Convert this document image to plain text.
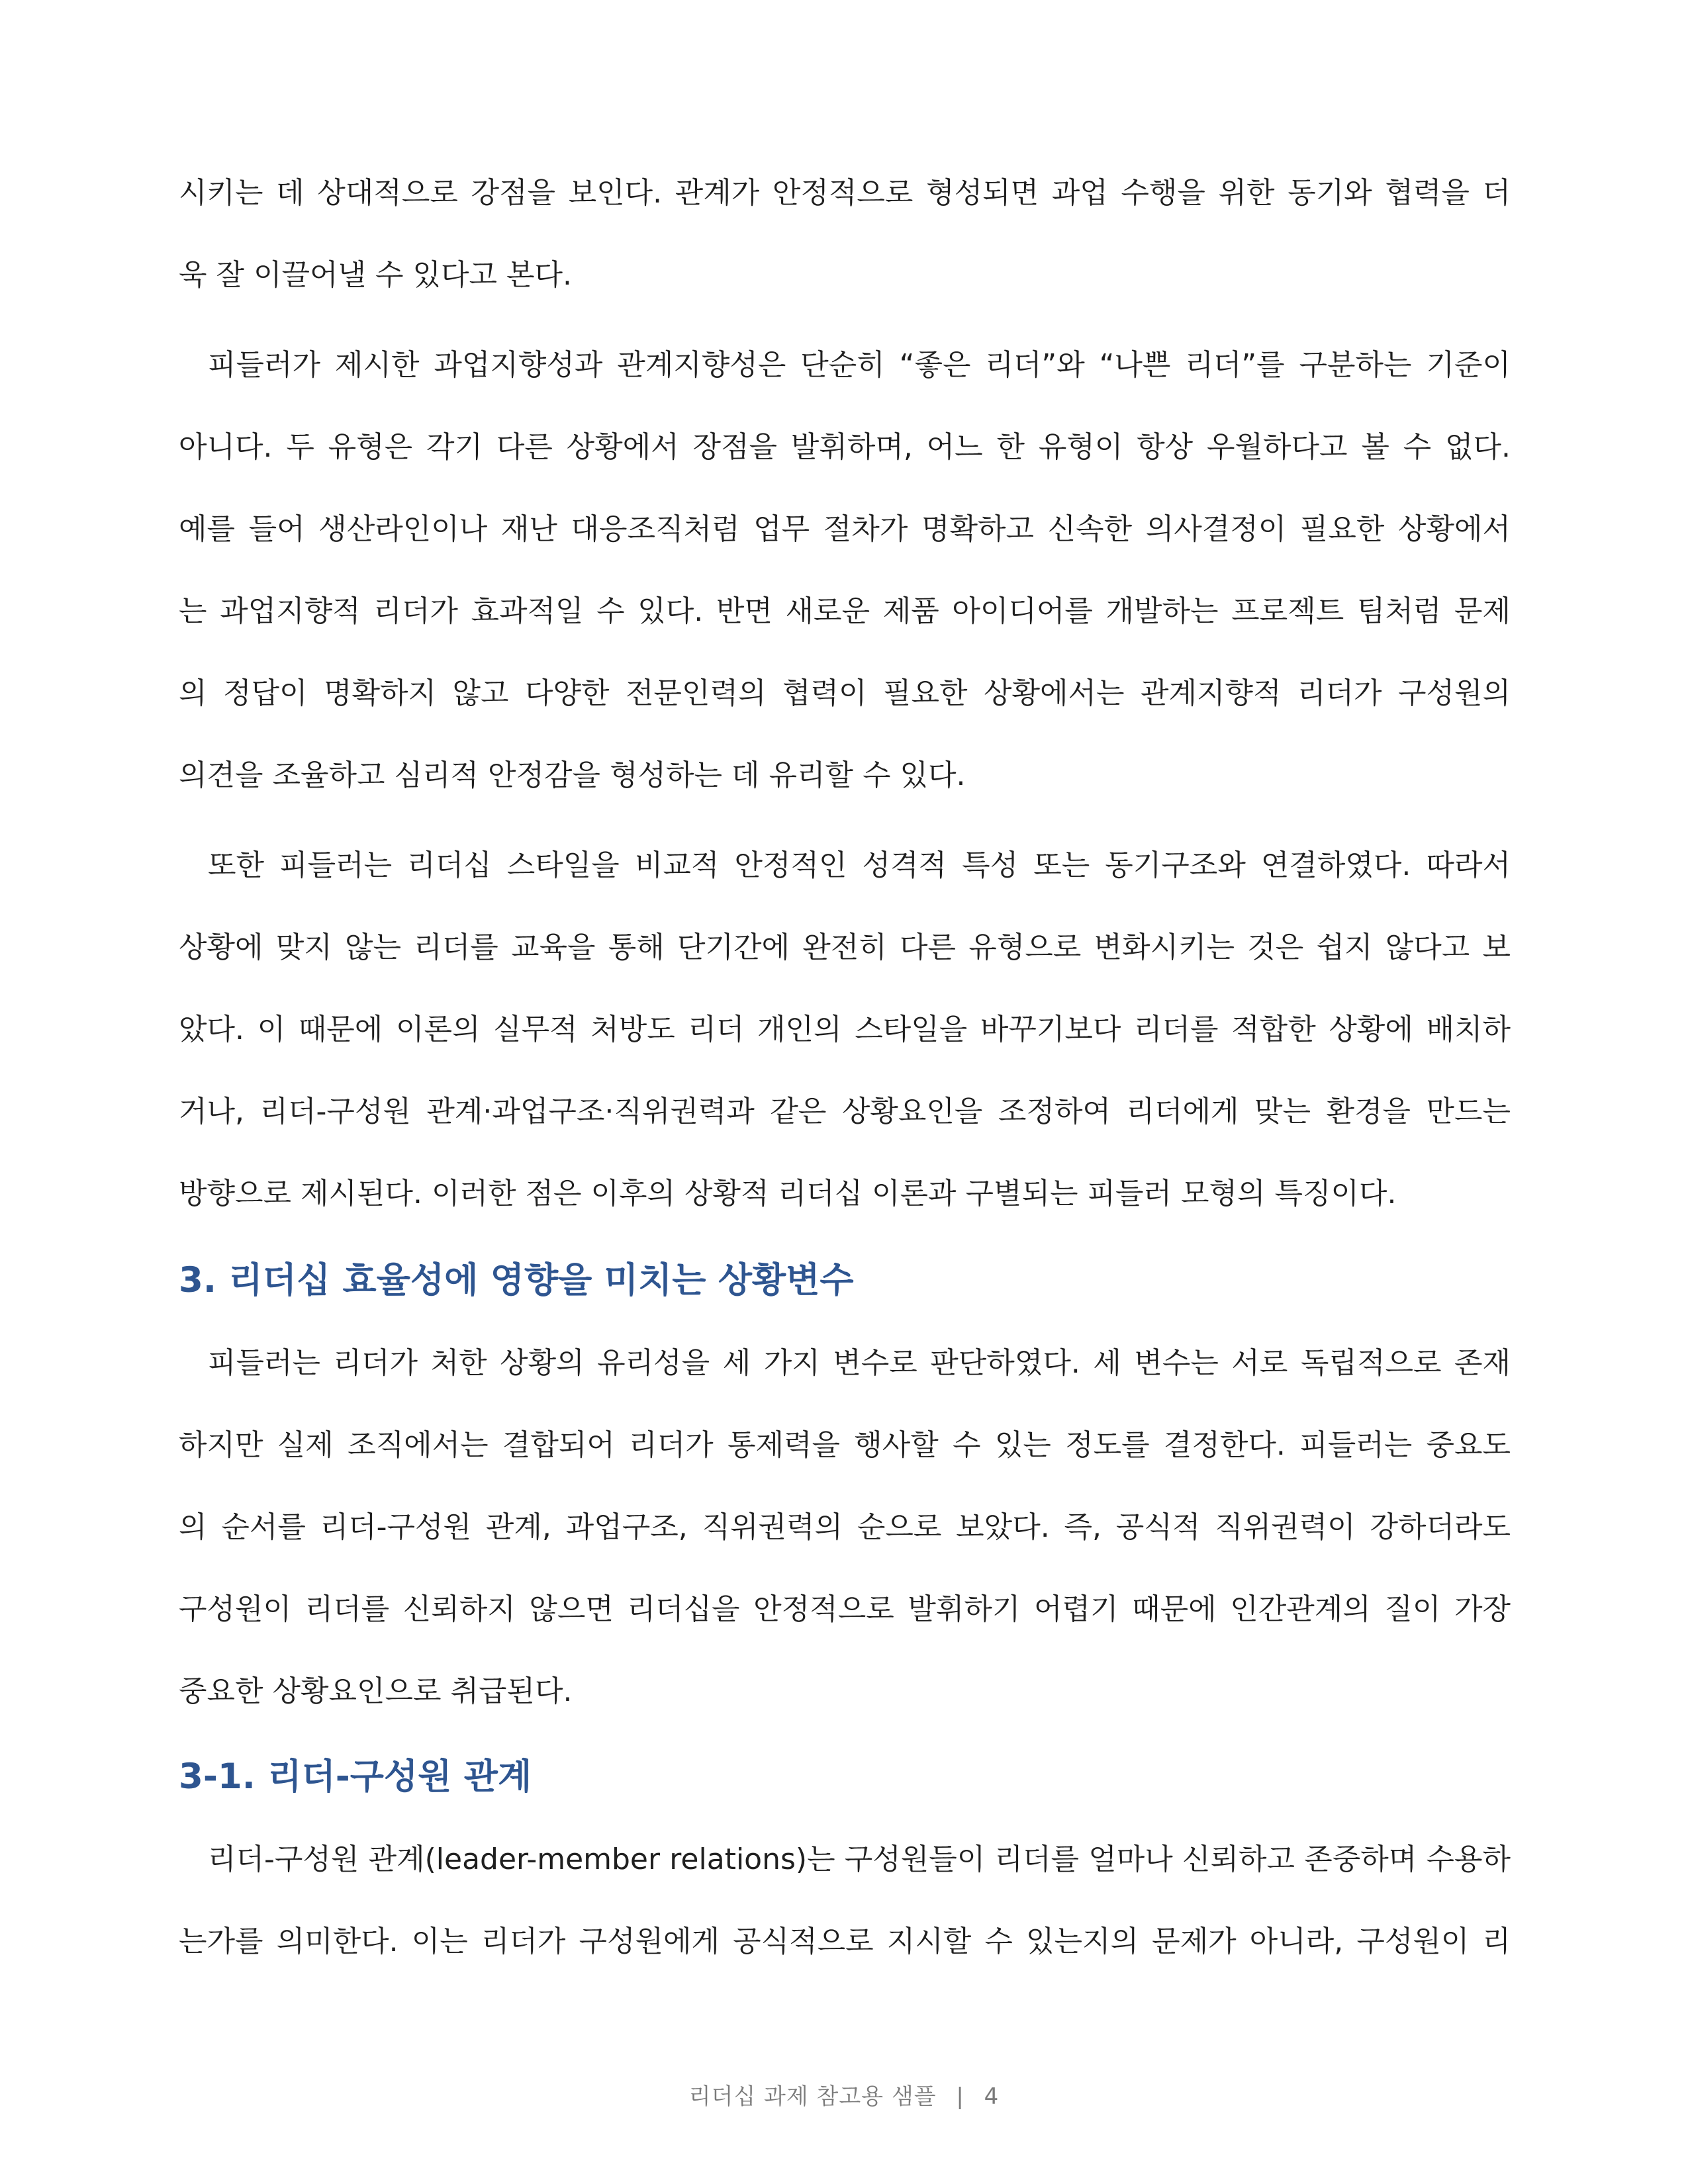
시키는 데 상대적으로 강점을 보인다. 관계가 안정적으로 형성되면 과업 수행을 위한 동기와 협력을 더
욱 잘 이끌어낼 수 있다고 본다.
피들러가 제시한 과업지향성과 관계지향성은 단순히 “좋은 리더”와 “나쁜 리더”를 구분하는 기준이
아니다. 두 유형은 각기 다른 상황에서 장점을 발휘하며, 어느 한 유형이 항상 우월하다고 볼 수 없다.
예를 들어 생산라인이나 재난 대응조직처럼 업무 절차가 명확하고 신속한 의사결정이 필요한 상황에서
는 과업지향적 리더가 효과적일 수 있다. 반면 새로운 제품 아이디어를 개발하는 프로젝트 팀처럼 문제
의 정답이 명확하지 않고 다양한 전문인력의 협력이 필요한 상황에서는 관계지향적 리더가 구성원의
의견을 조율하고 심리적 안정감을 형성하는 데 유리할 수 있다.
또한 피들러는 리더십 스타일을 비교적 안정적인 성격적 특성 또는 동기구조와 연결하였다. 따라서
상황에 맞지 않는 리더를 교육을 통해 단기간에 완전히 다른 유형으로 변화시키는 것은 쉽지 않다고 보
았다. 이 때문에 이론의 실무적 처방도 리더 개인의 스타일을 바꾸기보다 리더를 적합한 상황에 배치하
거나, 리더-구성원 관계·과업구조·직위권력과 같은 상황요인을 조정하여 리더에게 맞는 환경을 만드는
방향으로 제시된다. 이러한 점은 이후의 상황적 리더십 이론과 구별되는 피들러 모형의 특징이다.
3. 리더십 효율성에 영향을 미치는 상황변수
피들러는 리더가 처한 상황의 유리성을 세 가지 변수로 판단하였다. 세 변수는 서로 독립적으로 존재
하지만 실제 조직에서는 결합되어 리더가 통제력을 행사할 수 있는 정도를 결정한다. 피들러는 중요도
의 순서를 리더-구성원 관계, 과업구조, 직위권력의 순으로 보았다. 즉, 공식적 직위권력이 강하더라도
구성원이 리더를 신뢰하지 않으면 리더십을 안정적으로 발휘하기 어렵기 때문에 인간관계의 질이 가장
중요한 상황요인으로 취급된다.
3-1. 리더-구성원 관계
리더-구성원 관계(leader-member relations)는 구성원들이 리더를 얼마나 신뢰하고 존중하며 수용하
는가를 의미한다. 이는 리더가 구성원에게 공식적으로 지시할 수 있는지의 문제가 아니라, 구성원이 리
리더십 과제 참고용 샘플 | 4
